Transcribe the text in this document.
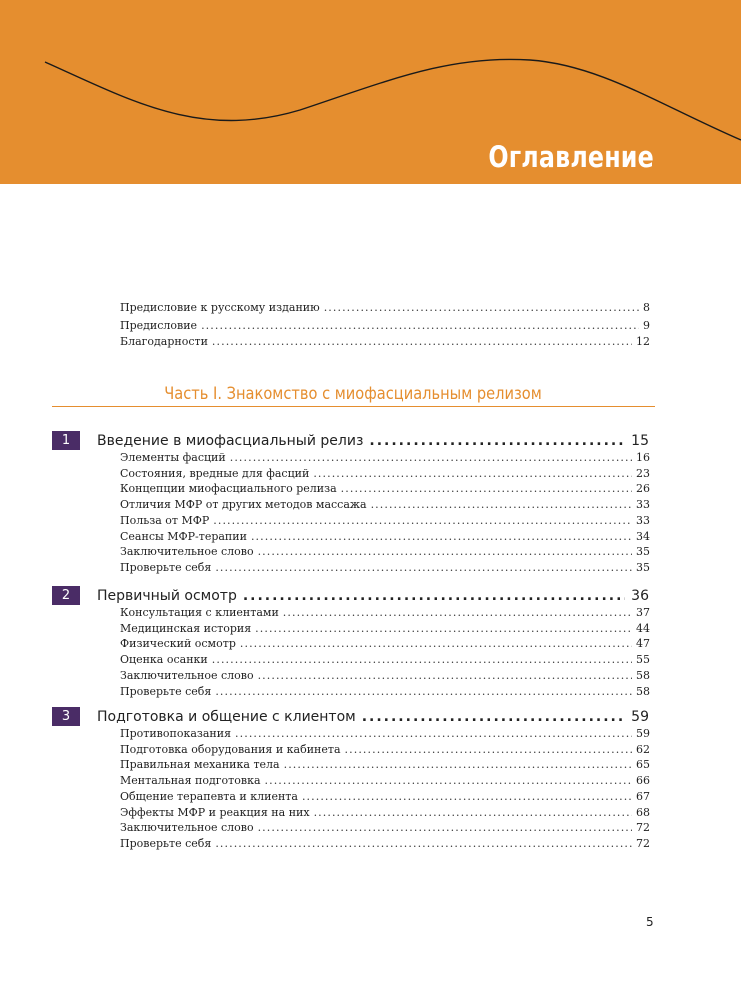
Оглавление
Предисловие к русскому изданию .....	8
Предисловие .....	9
Благодарности .....	12
Часть I. Знакомство с миофасциальным релизом
1	Введение в миофасциальный релиз .....	15
Элементы фасций .....	16
Состояния, вредные для фасций .....	23
Концепции миофасциального релиза .....	26
Отличия МФР от других методов массажа .....	33
Польза от МФР .....	33
Сеансы МФР-терапии .....	34
Заключительное слово .....	35
Проверьте себя .....	35
2	Первичный осмотр .....	36
Консультация с клиентами .....	37
Медицинская история .....	44
Физический осмотр .....	47
Оценка осанки .....	55
Заключительное слово .....	58
Проверьте себя .....	58
3	Подготовка и общение с клиентом .....	59
Противопоказания .....	59
Подготовка оборудования и кабинета .....	62
Правильная механика тела .....	65
Ментальная подготовка .....	66
Общение терапевта и клиента .....	67
Эффекты МФР и реакция на них .....	68
Заключительное слово .....	72
Проверьте себя .....	72
5
